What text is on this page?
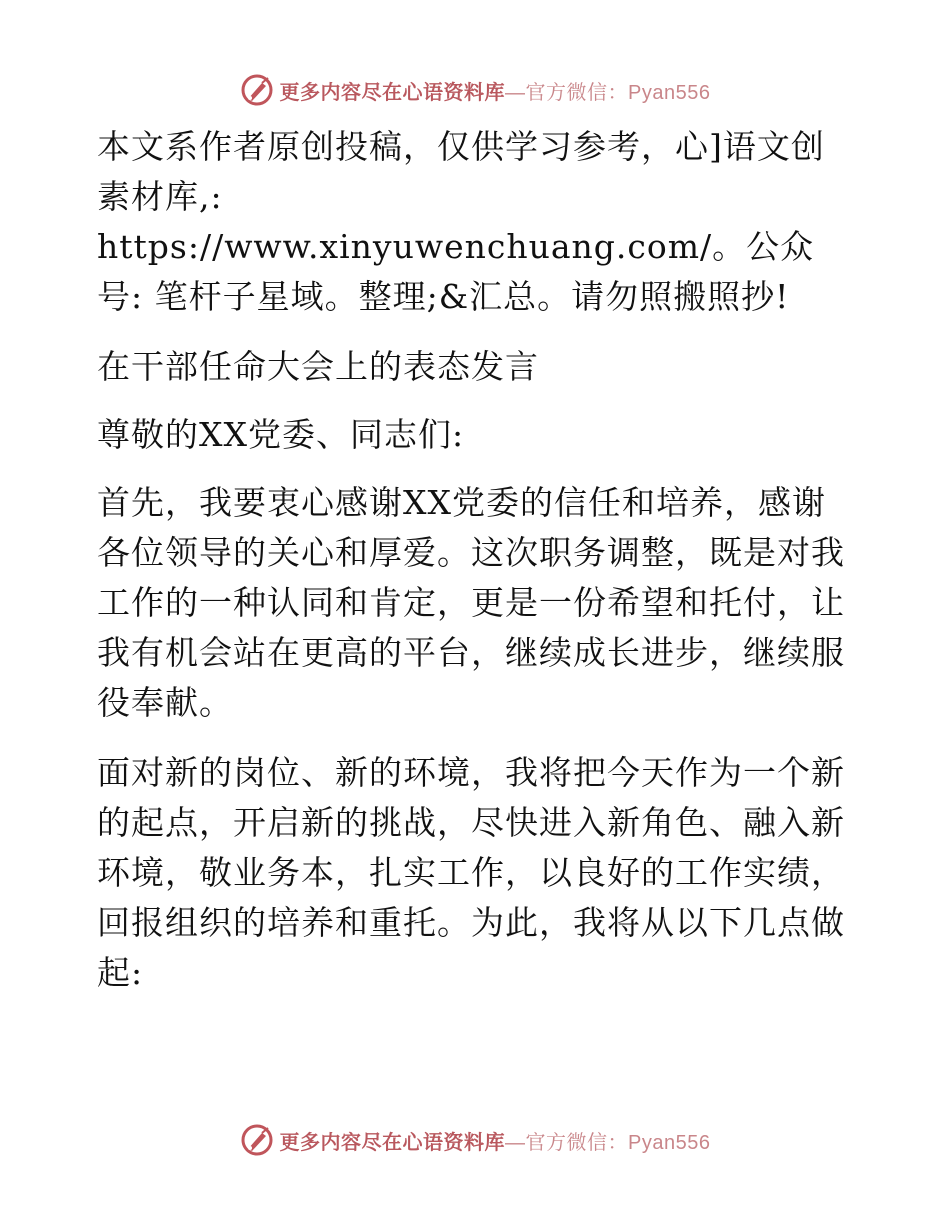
更多内容尽在心语资料库—官方微信：Pyan556

本文系作者原创投稿，仅供学习参考，心]语文创素材库,: https://www.xinyuwenchuang.com/。公众号: 笔杆子星域。整理;&汇总。请勿照搬照抄!

在干部任命大会上的表态发言

尊敬的XX党委、同志们:

首先，我要衷心感谢XX党委的信任和培养，感谢各位领导的关心和厚爱。这次职务调整，既是对我工作的一种认同和肯定，更是一份希望和托付，让我有机会站在更高的平台，继续成长进步，继续服役奉献。

面对新的岗位、新的环境，我将把今天作为一个新的起点，开启新的挑战，尽快进入新角色、融入新环境，敬业务本，扎实工作，以良好的工作实绩，回报组织的培养和重托。为此，我将从以下几点做起:

更多内容尽在心语资料库—官方微信：Pyan556
